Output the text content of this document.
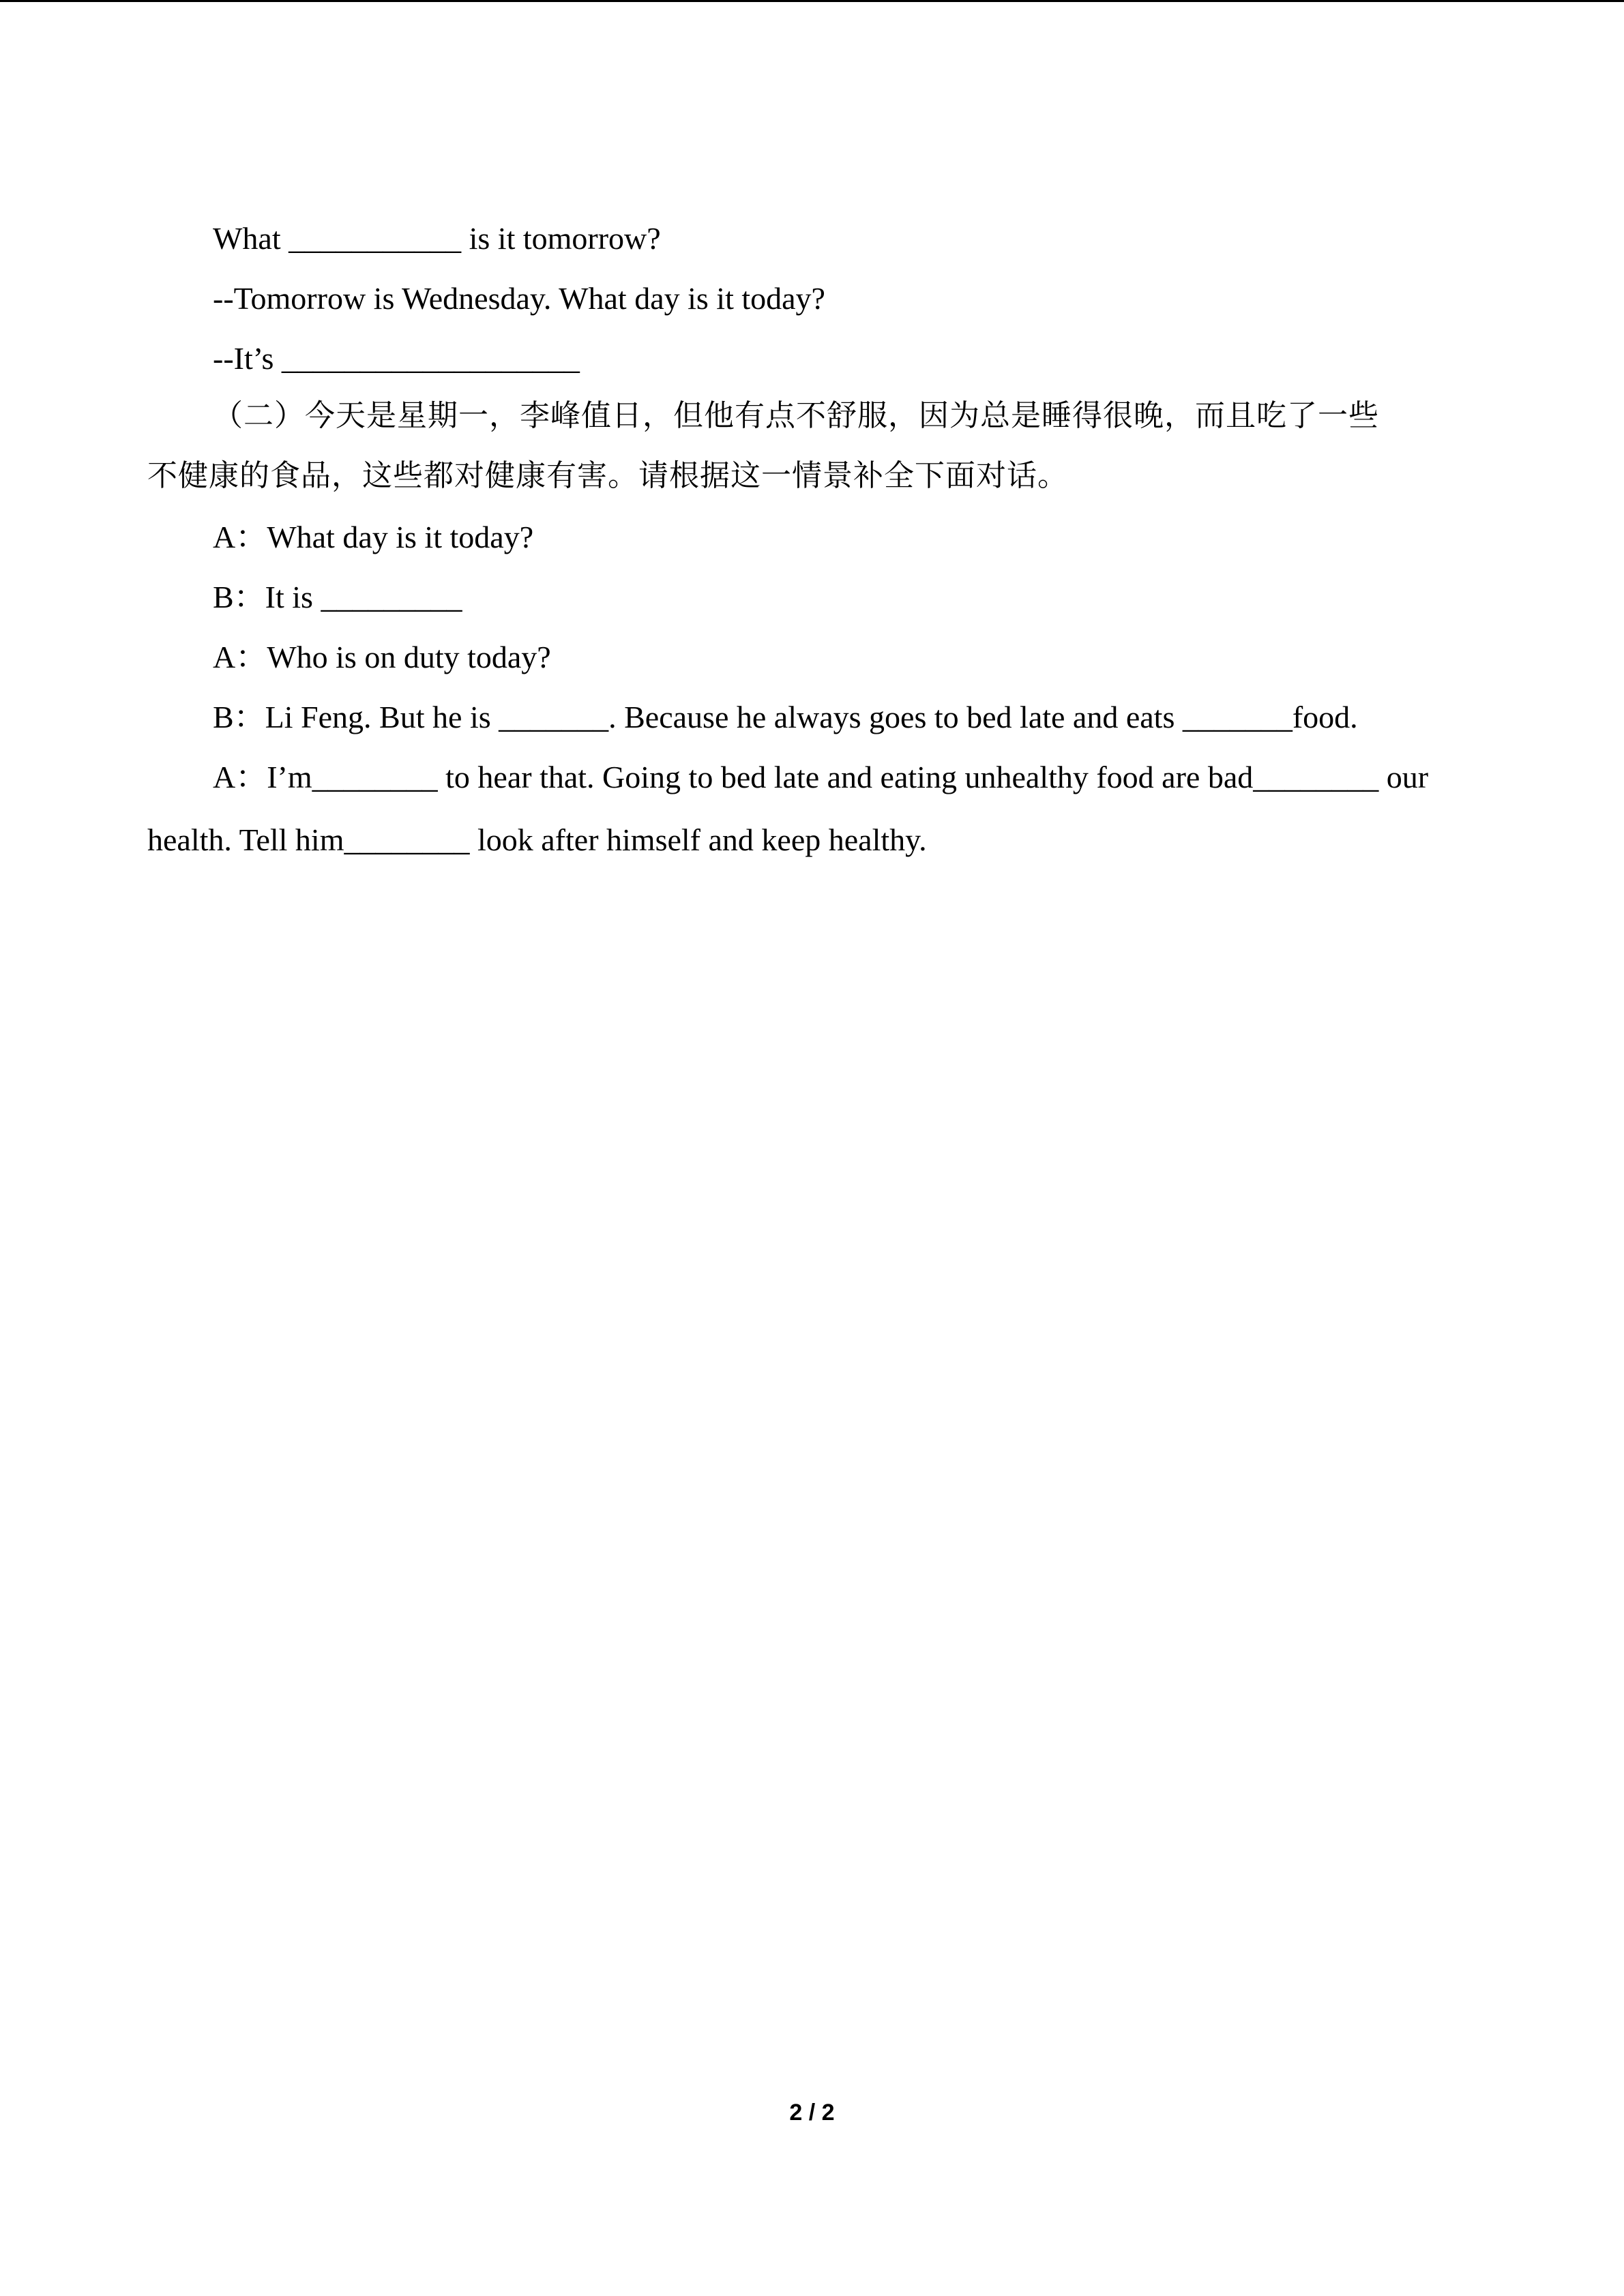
What ___________ is it tomorrow?
--Tomorrow is Wednesday. What day is it today?
--It’s ___________________
（二）今天是星期一，李峰值日，但他有点不舒服，因为总是睡得很晚，而且吃了一些
不健康的食品，这些都对健康有害。请根据这一情景补全下面对话。
A：What day is it today?
B：It is _________
A：Who is on duty today?
B：Li Feng. But he is _______. Because he always goes to bed late and eats _______food.
A：I’m________ to hear that. Going to bed late and eating unhealthy food are bad________ our
health. Tell him________ look after himself and keep healthy.
2 / 2
